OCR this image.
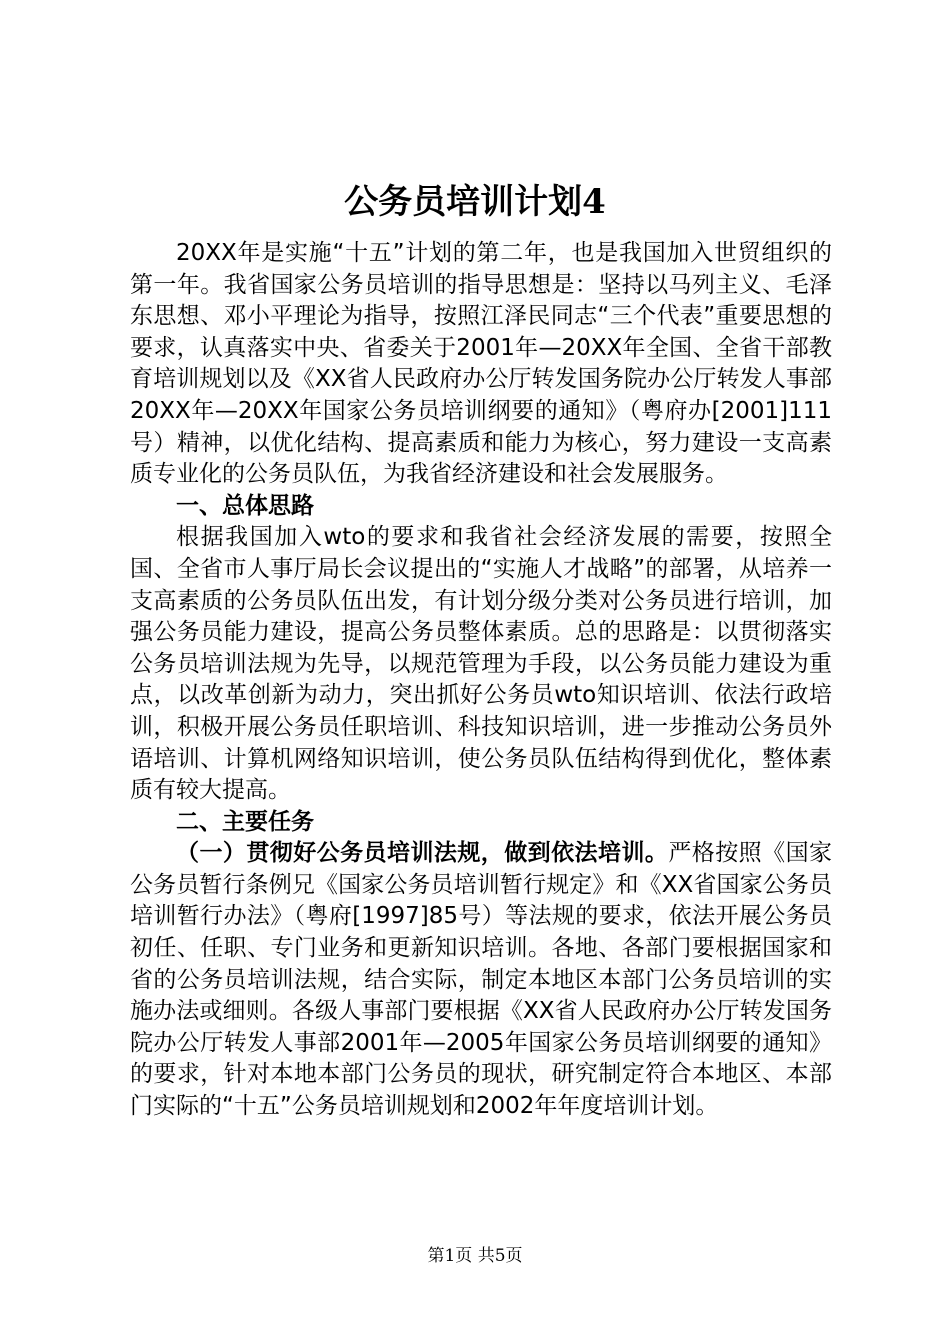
公务员培训计划4

20XX年是实施“十五”计划的第二年，也是我国加入世贸组织的第一年。我省国家公务员培训的指导思想是：坚持以马列主义、毛泽东思想、邓小平理论为指导，按照江泽民同志“三个代表”重要思想的要求，认真落实中央、省委关于2001年—20XX年全国、全省干部教育培训规划以及《XX省人民政府办公厅转发国务院办公厅转发人事部20XX年—20XX年国家公务员培训纲要的通知》（粤府办[2001]111号）精神，以优化结构、提高素质和能力为核心，努力建设一支高素质专业化的公务员队伍，为我省经济建设和社会发展服务。

一、总体思路

根据我国加入wto的要求和我省社会经济发展的需要，按照全国、全省市人事厅局长会议提出的“实施人才战略”的部署，从培养一支高素质的公务员队伍出发，有计划分级分类对公务员进行培训，加强公务员能力建设，提高公务员整体素质。总的思路是：以贯彻落实公务员培训法规为先导，以规范管理为手段，以公务员能力建设为重点，以改革创新为动力，突出抓好公务员wto知识培训、依法行政培训，积极开展公务员任职培训、科技知识培训，进一步推动公务员外语培训、计算机网络知识培训，使公务员队伍结构得到优化，整体素质有较大提高。

二、主要任务

（一）贯彻好公务员培训法规，做到依法培训。严格按照《国家公务员暂行条例兄《国家公务员培训暂行规定》和《XX省国家公务员培训暂行办法》（粤府[1997]85号）等法规的要求，依法开展公务员初任、任职、专门业务和更新知识培训。各地、各部门要根据国家和省的公务员培训法规，结合实际，制定本地区本部门公务员培训的实施办法或细则。各级人事部门要根据《XX省人民政府办公厅转发国务院办公厅转发人事部2001年—2005年国家公务员培训纲要的通知》的要求，针对本地本部门公务员的现状，研究制定符合本地区、本部门实际的“十五”公务员培训规划和2002年年度培训计划。

第1页 共5页
